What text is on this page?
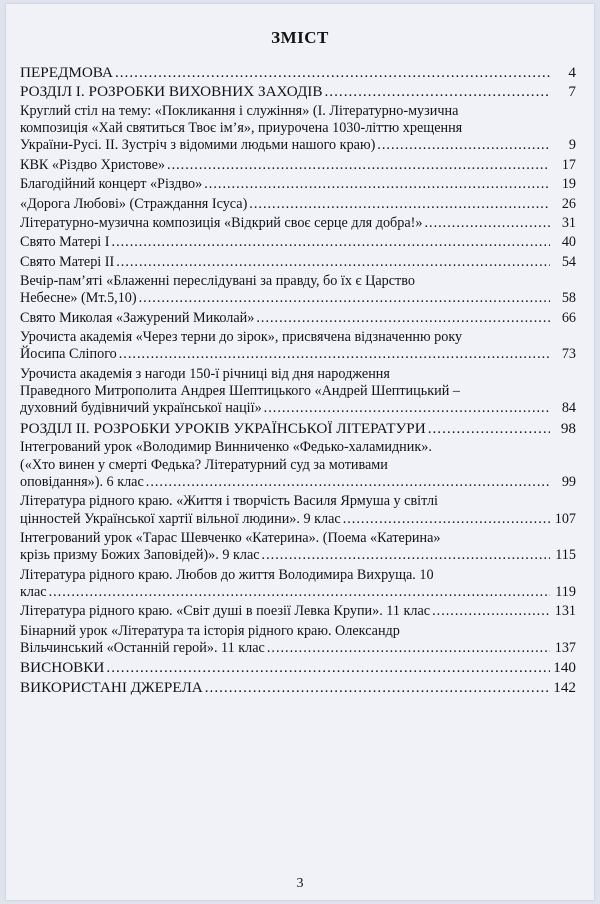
ЗМІСТ
ПЕРЕДМОВА .....	4
РОЗДІЛ І. РОЗРОБКИ ВИХОВНИХ ЗАХОДІВ .....	7
Круглий стіл на тему: «Покликання і служіння» (І. Літературно-музична
композиція «Хай святиться Твоє ім’я», приурочена 1030-літтю хрещення
України-Русі. ІІ. Зустріч з відомими людьми нашого краю) .....	9
КВК «Різдво Христове» .....	17
Благодійний концерт «Різдво» .....	19
«Дорога Любові» (Страждання Ісуса) .....	26
Літературно-музична композиція «Відкрий своє серце для добра!» .....	31
Свято Матері І .....	40
Свято Матері ІІ .....	54
Вечір-пам’яті «Блаженні переслідувані за правду, бо їх є Царство
Небесне» (Мт.5,10) .....	58
Свято Миколая «Зажурений Миколай» .....	66
Урочиста академія «Через терни до зірок», присвячена відзначенню року
Йосипа Сліпого .....	73
Урочиста академія з нагоди 150-ї річниці від дня народження
Праведного Митрополита Андрея Шептицького «Андрей Шептицький –
духовний будівничий української нації» .....	84
РОЗДІЛ ІІ. РОЗРОБКИ УРОКІВ УКРАЇНСЬКОЇ ЛІТЕРАТУРИ .....	98
Інтегрований урок «Володимир Винниченко «Федько-халамидник».
(«Хто винен у смерті Федька? Літературний суд за мотивами
оповідання»). 6 клас .....	99
Література рідного краю. «Життя і творчість Василя Ярмуша у світлі
цінностей Української хартії вільної людини». 9 клас .....	107
Інтегрований урок «Тарас Шевченко «Катерина». (Поема «Катерина»
крізь призму Божих Заповідей)». 9 клас .....	115
Література рідного краю. Любов до життя Володимира Вихруща. 10
клас .....	119
Література рідного краю. «Світ душі в поезії Левка Крупи». 11 клас .....	131
Бінарний урок «Література та історія рідного краю. Олександр
Вільчинський «Останній герой». 11 клас .....	137
ВИСНОВКИ .....	140
ВИКОРИСТАНІ ДЖЕРЕЛА .....	142
3
